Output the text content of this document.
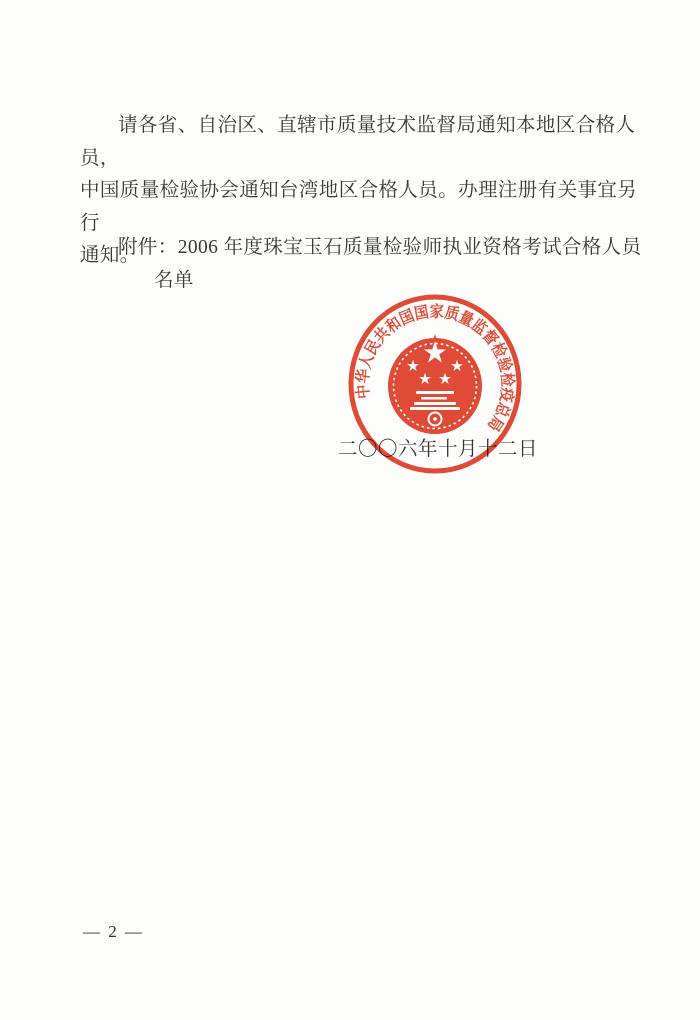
请各省、自治区、直辖市质量技术监督局通知本地区合格人员，
中国质量检验协会通知台湾地区合格人员。办理注册有关事宜另行
通知。
附件：2006 年度珠宝玉石质量检验师执业资格考试合格人员
名单
二〇〇六年十月十二日
中华人民共和国国家质量监督检验检疫总局
— 2 —
